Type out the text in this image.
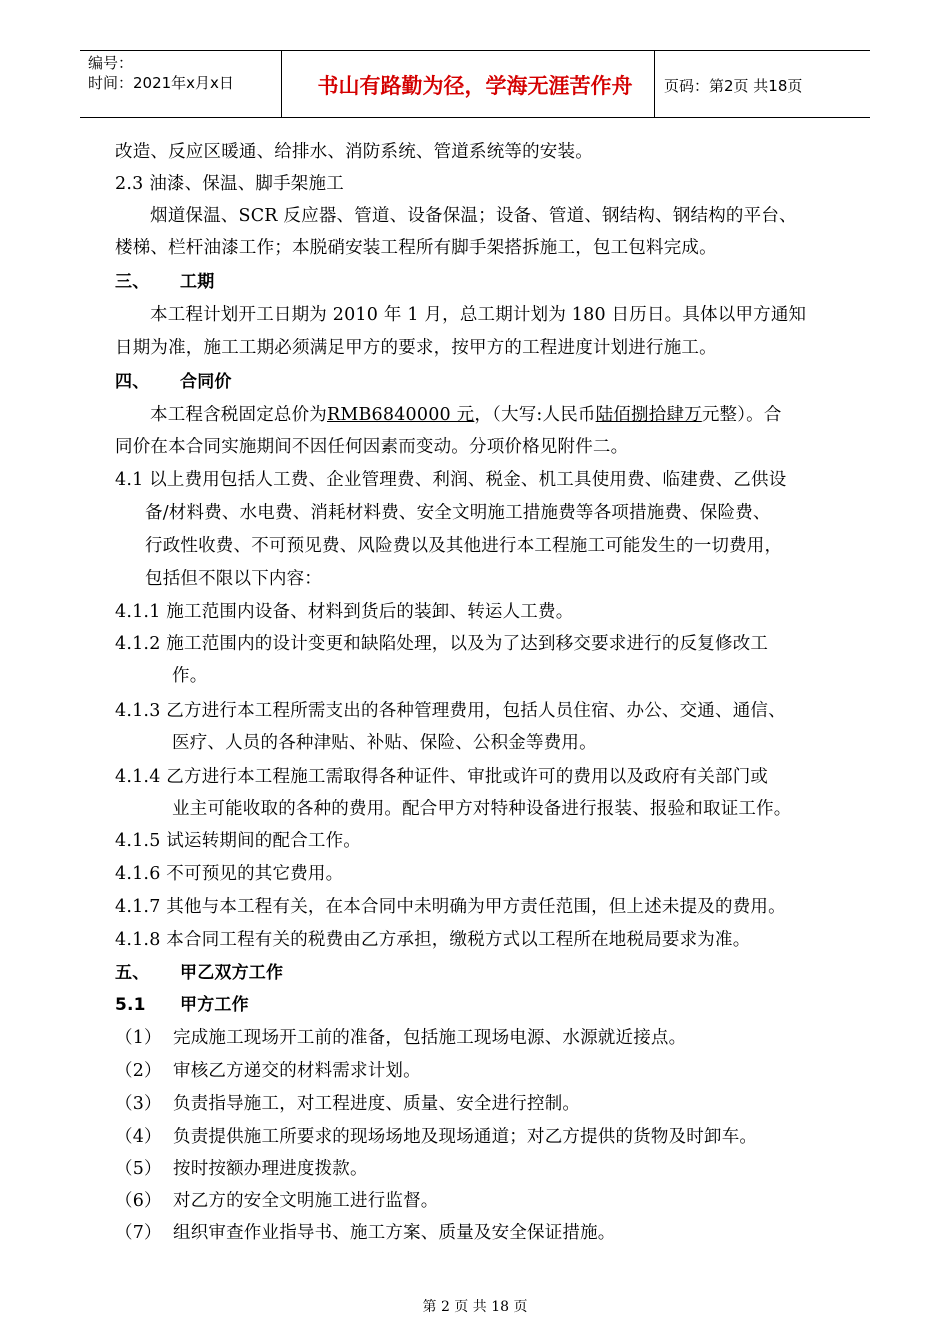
编号：
时间：2021年x月x日	书山有路勤为径，学海无涯苦作舟	页码：第2页 共18页
改造、反应区暖通、给排水、消防系统、管道系统等的安装。
2.3 油漆、保温、脚手架施工
烟道保温、SCR 反应器、管道、设备保温；设备、管道、钢结构、钢结构的平台、
楼梯、栏杆油漆工作；本脱硝安装工程所有脚手架搭拆施工，包工包料完成。
三、 工期
本工程计划开工日期为 2010 年 1 月，总工期计划为 180 日历日。具体以甲方通知
日期为准，施工工期必须满足甲方的要求，按甲方的工程进度计划进行施工。
四、 合同价
本工程含税固定总价为RMB6840000 元，（大写:人民币陆佰捌拾肆万元整）。合
同价在本合同实施期间不因任何因素而变动。分项价格见附件二。
4.1 以上费用包括人工费、企业管理费、利润、税金、机工具使用费、临建费、乙供设
备/材料费、水电费、消耗材料费、安全文明施工措施费等各项措施费、保险费、
行政性收费、不可预见费、风险费以及其他进行本工程施工可能发生的一切费用，
包括但不限以下内容：
4.1.1 施工范围内设备、材料到货后的装卸、转运人工费。
4.1.2 施工范围内的设计变更和缺陷处理，以及为了达到移交要求进行的反复修改工
作。
4.1.3 乙方进行本工程所需支出的各种管理费用，包括人员住宿、办公、交通、通信、
医疗、人员的各种津贴、补贴、保险、公积金等费用。
4.1.4 乙方进行本工程施工需取得各种证件、审批或许可的费用以及政府有关部门或
业主可能收取的各种的费用。配合甲方对特种设备进行报装、报验和取证工作。
4.1.5 试运转期间的配合工作。
4.1.6 不可预见的其它费用。
4.1.7 其他与本工程有关，在本合同中未明确为甲方责任范围，但上述未提及的费用。
4.1.8 本合同工程有关的税费由乙方承担，缴税方式以工程所在地税局要求为准。
五、 甲乙双方工作
5.1 甲方工作
（1） 完成施工现场开工前的准备，包括施工现场电源、水源就近接点。
（2） 审核乙方递交的材料需求计划。
（3） 负责指导施工，对工程进度、质量、安全进行控制。
（4） 负责提供施工所要求的现场场地及现场通道；对乙方提供的货物及时卸车。
（5） 按时按额办理进度拨款。
（6） 对乙方的安全文明施工进行监督。
（7） 组织审查作业指导书、施工方案、质量及安全保证措施。
第 2 页 共 18 页
